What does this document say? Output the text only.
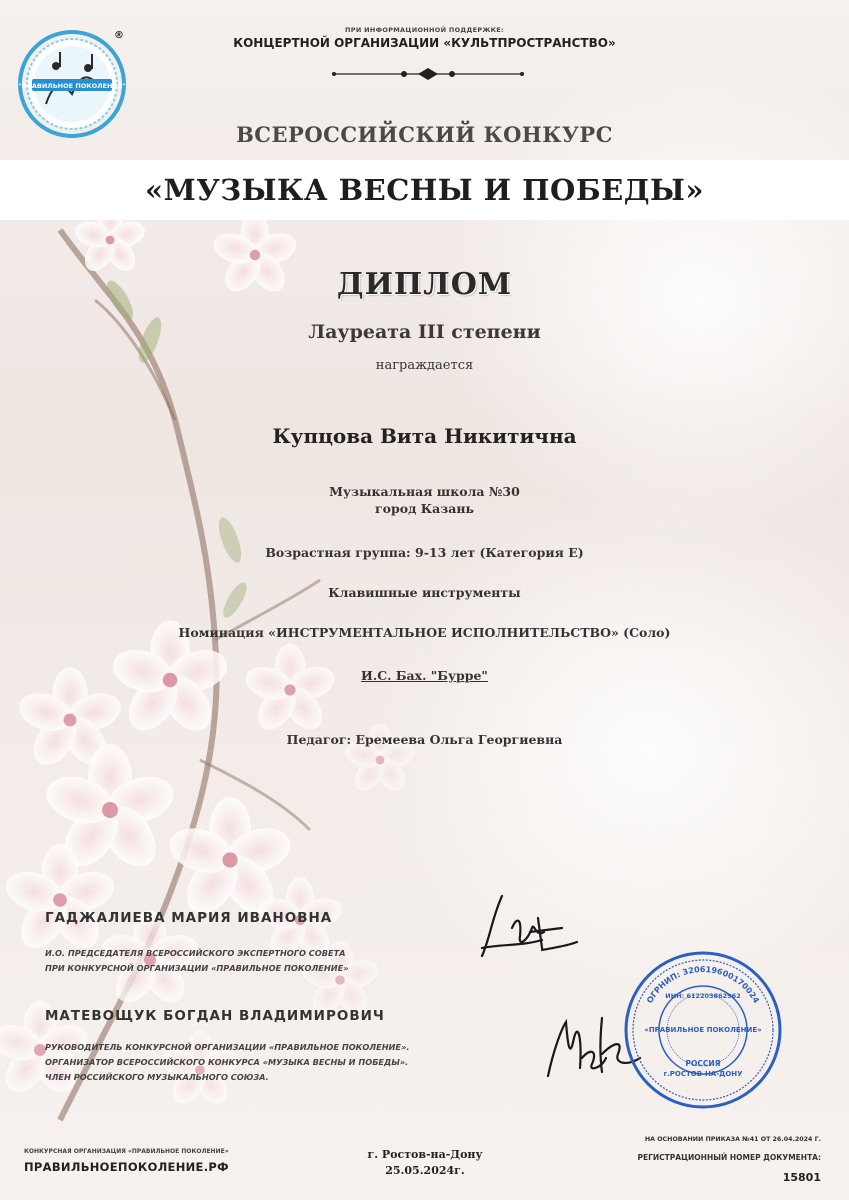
®
"ПРАВИЛЬНОЕ ПОКОЛЕНИЕ"
ПРИ ИНФОРМАЦИОННОЙ ПОДДЕРЖКЕ:
КОНЦЕРТНОЙ ОРГАНИЗАЦИИ «КУЛЬТПРОСТРАНСТВО»
ВСЕРОССИЙСКИЙ КОНКУРС
«МУЗЫКА ВЕСНЫ И ПОБЕДЫ»
ДИПЛОМ
Лауреата III степени
награждается
Купцова Вита Никитична
Музыкальная школа №30
город Казань
Возрастная группа: 9-13 лет (Категория Е)
Клавишные инструменты
Номинация «ИНСТРУМЕНТАЛЬНОЕ ИСПОЛНИТЕЛЬСТВО» (Соло)
И.С. Бах. "Бурре"
Педагог: Еремеева Ольга Георгиевна
ГАДЖАЛИЕВА МАРИЯ ИВАНОВНА
И.О. ПРЕДСЕДАТЕЛЯ ВСЕРОССИЙСКОГО ЭКСПЕРТНОГО СОВЕТА
ПРИ КОНКУРСНОЙ ОРГАНИЗАЦИИ «ПРАВИЛЬНОЕ ПОКОЛЕНИЕ»
МАТЕВОЩУК БОГДАН ВЛАДИМИРОВИЧ
РУКОВОДИТЕЛЬ КОНКУРСНОЙ ОРГАНИЗАЦИИ «ПРАВИЛЬНОЕ ПОКОЛЕНИЕ».
ОРГАНИЗАТОР ВСЕРОССИЙСКОГО КОНКУРСА «МУЗЫКА ВЕСНЫ И ПОБЕДЫ».
ЧЛЕН РОССИЙСКОГО МУЗЫКАЛЬНОГО СОЮЗА.
ОГРНИП: 320619600170024
ИНН: 612203862962
«ПРАВИЛЬНОЕ ПОКОЛЕНИЕ»
РОССИЯ
г.РОСТОВ-НА-ДОНУ
КОНКУРСНАЯ ОРГАНИЗАЦИЯ «ПРАВИЛЬНОЕ ПОКОЛЕНИЕ»
ПРАВИЛЬНОЕПОКОЛЕНИЕ.РФ
г. Ростов-на-Дону
25.05.2024г.
НА ОСНОВАНИИ ПРИКАЗА №41 ОТ 26.04.2024 Г.
РЕГИСТРАЦИОННЫЙ НОМЕР ДОКУМЕНТА:
15801
